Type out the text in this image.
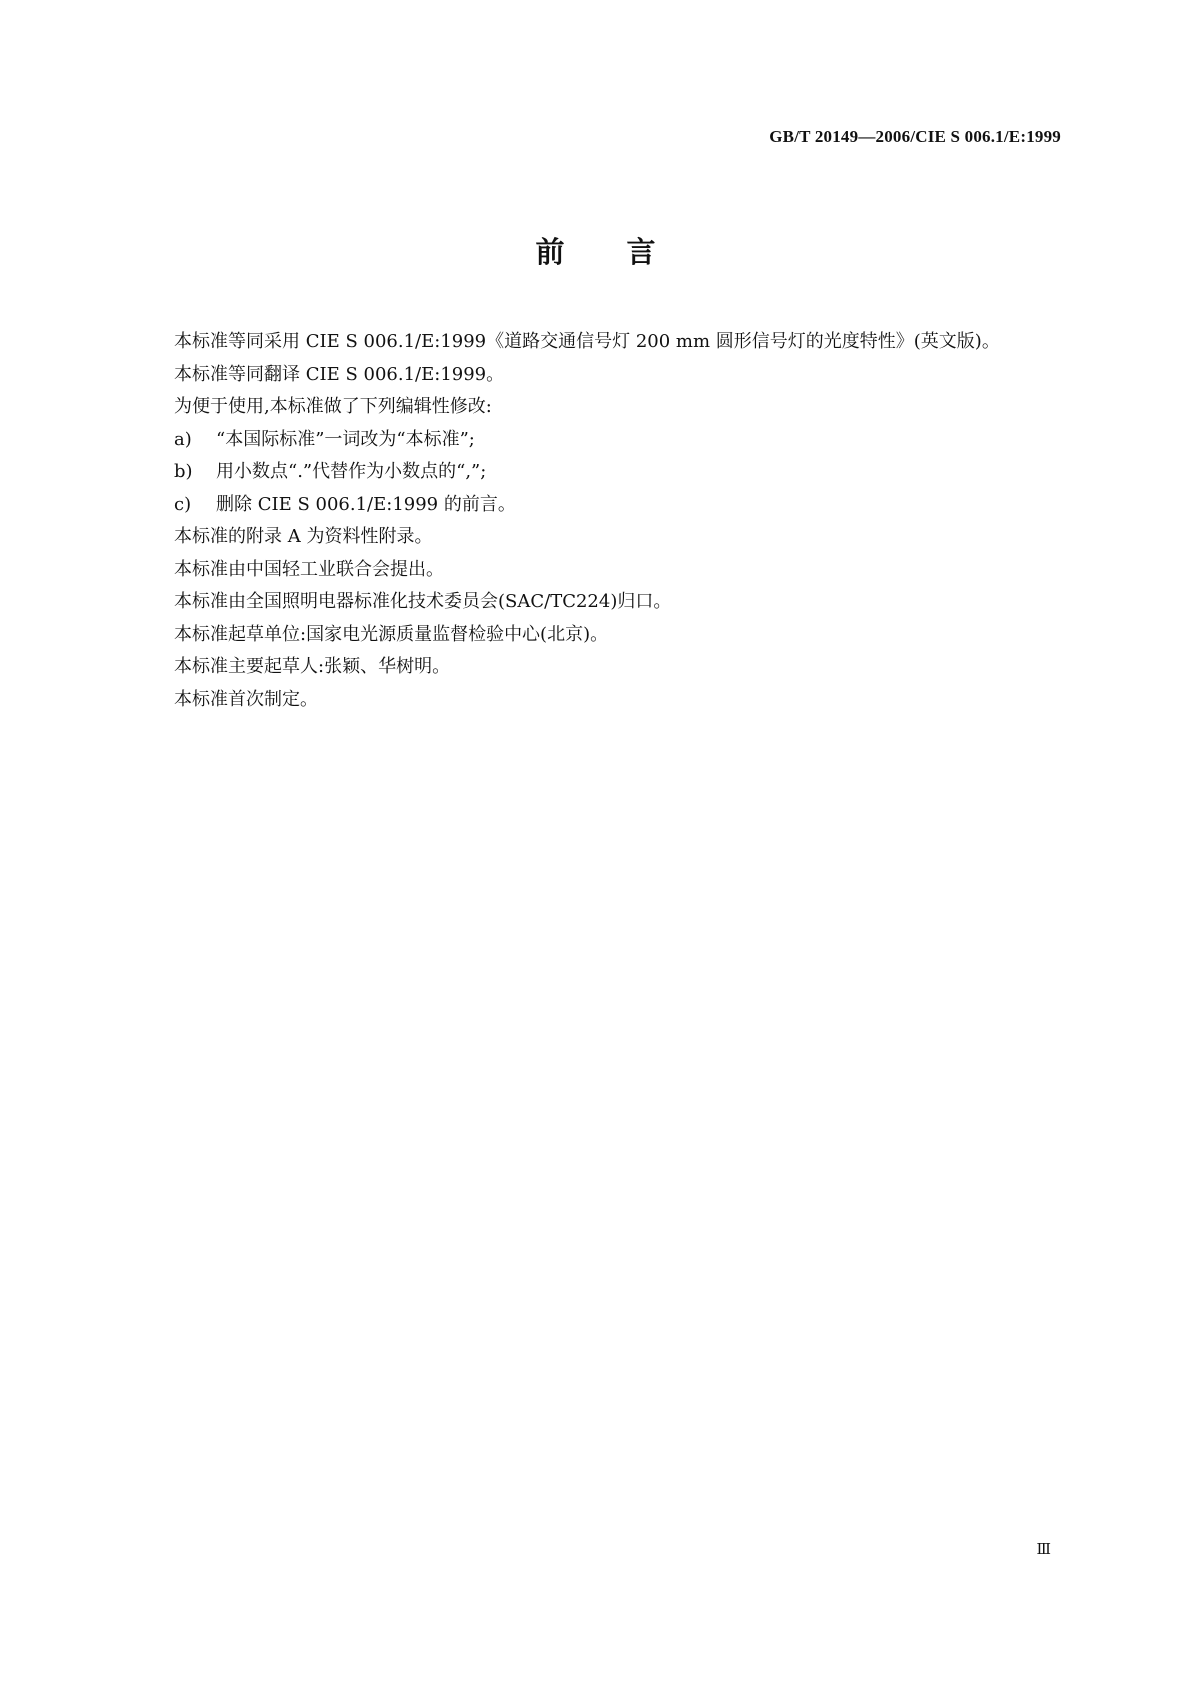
GB/T 20149—2006/CIE S 006.1/E:1999
前言

本标准等同采用 CIE S 006.1/E:1999《道路交通信号灯 200 mm 圆形信号灯的光度特性》(英文版)。

本标准等同翻译 CIE S 006.1/E:1999。

为便于使用,本标准做了下列编辑性修改:

a) “本国际标准”一词改为“本标准”;

b) 用小数点“.”代替作为小数点的“,”;

c) 删除 CIE S 006.1/E:1999 的前言。

本标准的附录 A 为资料性附录。

本标准由中国轻工业联合会提出。

本标准由全国照明电器标准化技术委员会(SAC/TC224)归口。

本标准起草单位:国家电光源质量监督检验中心(北京)。

本标准主要起草人:张颖、华树明。

本标准首次制定。

Ⅲ
